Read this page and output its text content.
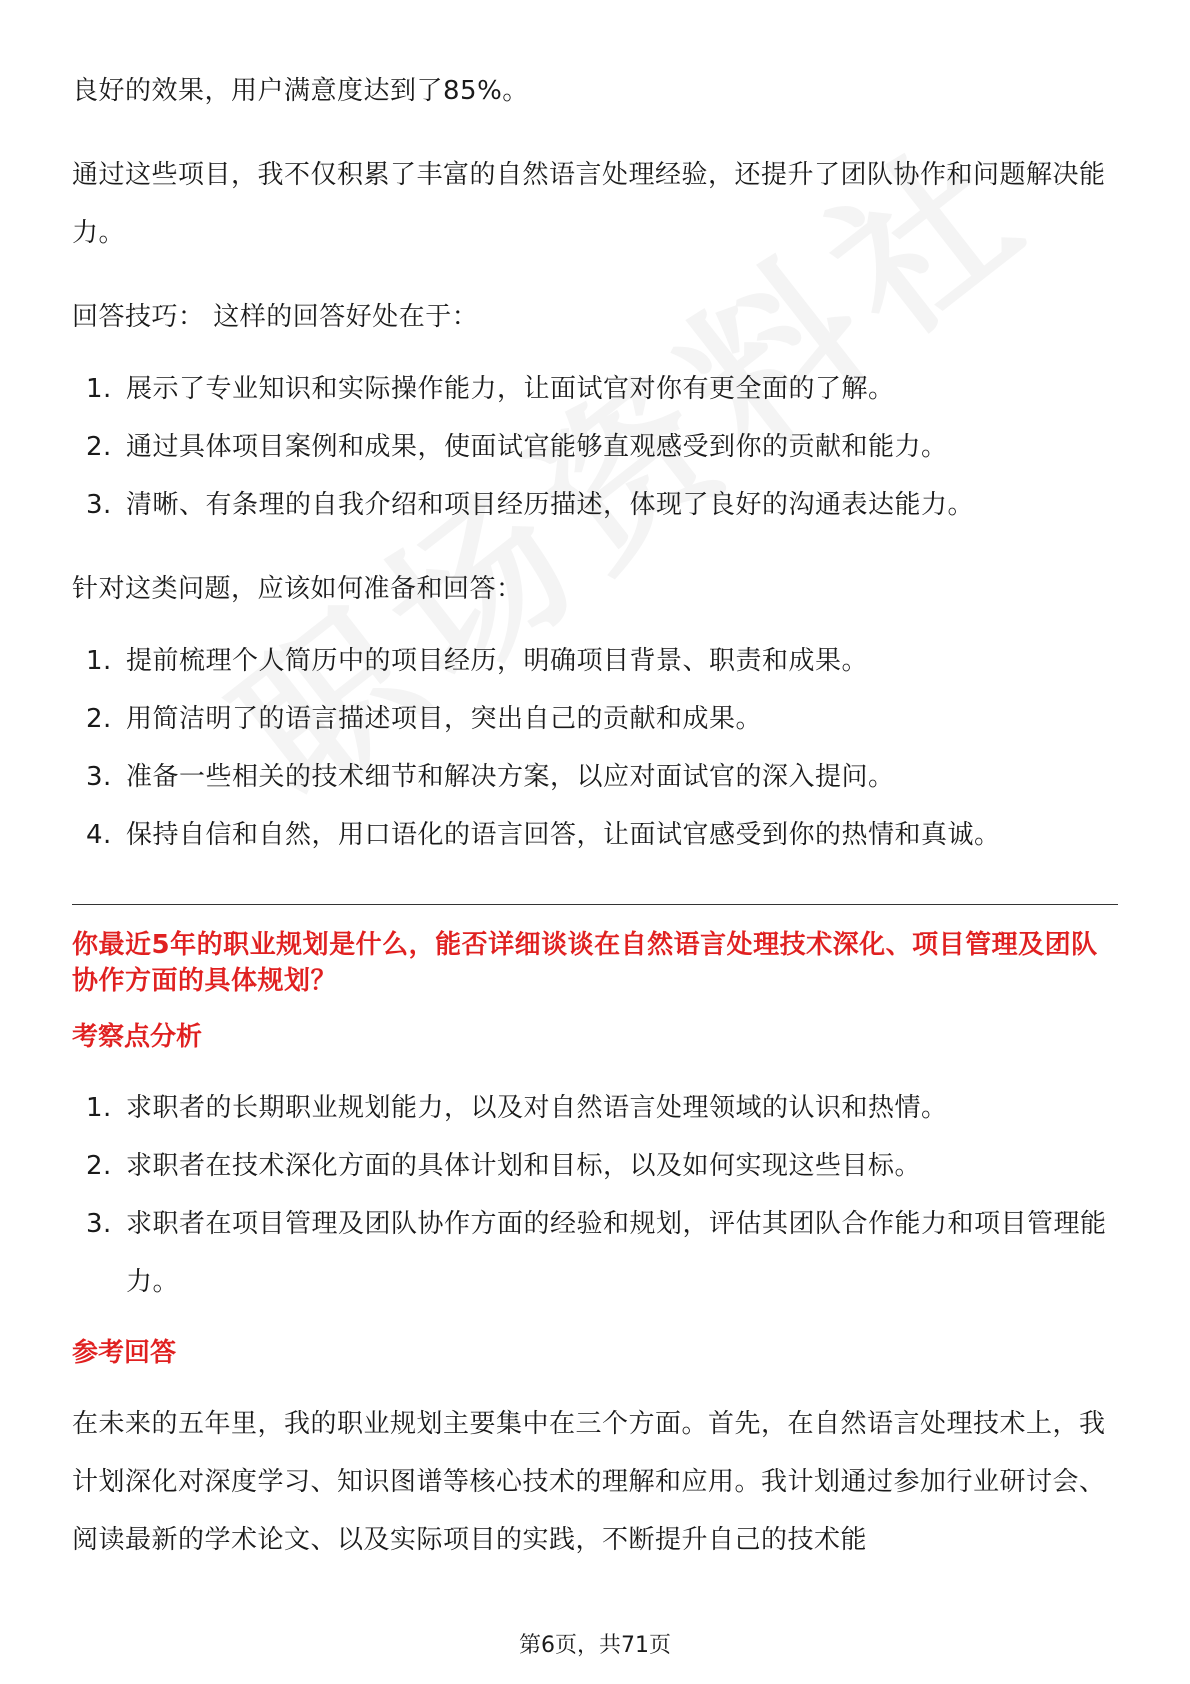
良好的效果，用户满意度达到了85%。

通过这些项目，我不仅积累了丰富的自然语言处理经验，还提升了团队协作和问题解决能力。

回答技巧： 这样的回答好处在于：

1. 展示了专业知识和实际操作能力，让面试官对你有更全面的了解。
2. 通过具体项目案例和成果，使面试官能够直观感受到你的贡献和能力。
3. 清晰、有条理的自我介绍和项目经历描述，体现了良好的沟通表达能力。

针对这类问题，应该如何准备和回答：

1. 提前梳理个人简历中的项目经历，明确项目背景、职责和成果。
2. 用简洁明了的语言描述项目，突出自己的贡献和成果。
3. 准备一些相关的技术细节和解决方案，以应对面试官的深入提问。
4. 保持自信和自然，用口语化的语言回答，让面试官感受到你的热情和真诚。

你最近5年的职业规划是什么，能否详细谈谈在自然语言处理技术深化、项目管理及团队协作方面的具体规划？

考察点分析

1. 求职者的长期职业规划能力，以及对自然语言处理领域的认识和热情。
2. 求职者在技术深化方面的具体计划和目标，以及如何实现这些目标。
3. 求职者在项目管理及团队协作方面的经验和规划，评估其团队合作能力和项目管理能力。

参考回答

在未来的五年里，我的职业规划主要集中在三个方面。首先，在自然语言处理技术上，我计划深化对深度学习、知识图谱等核心技术的理解和应用。我计划通过参加行业研讨会、阅读最新的学术论文、以及实际项目的实践，不断提升自己的技术能

第6页，共71页
